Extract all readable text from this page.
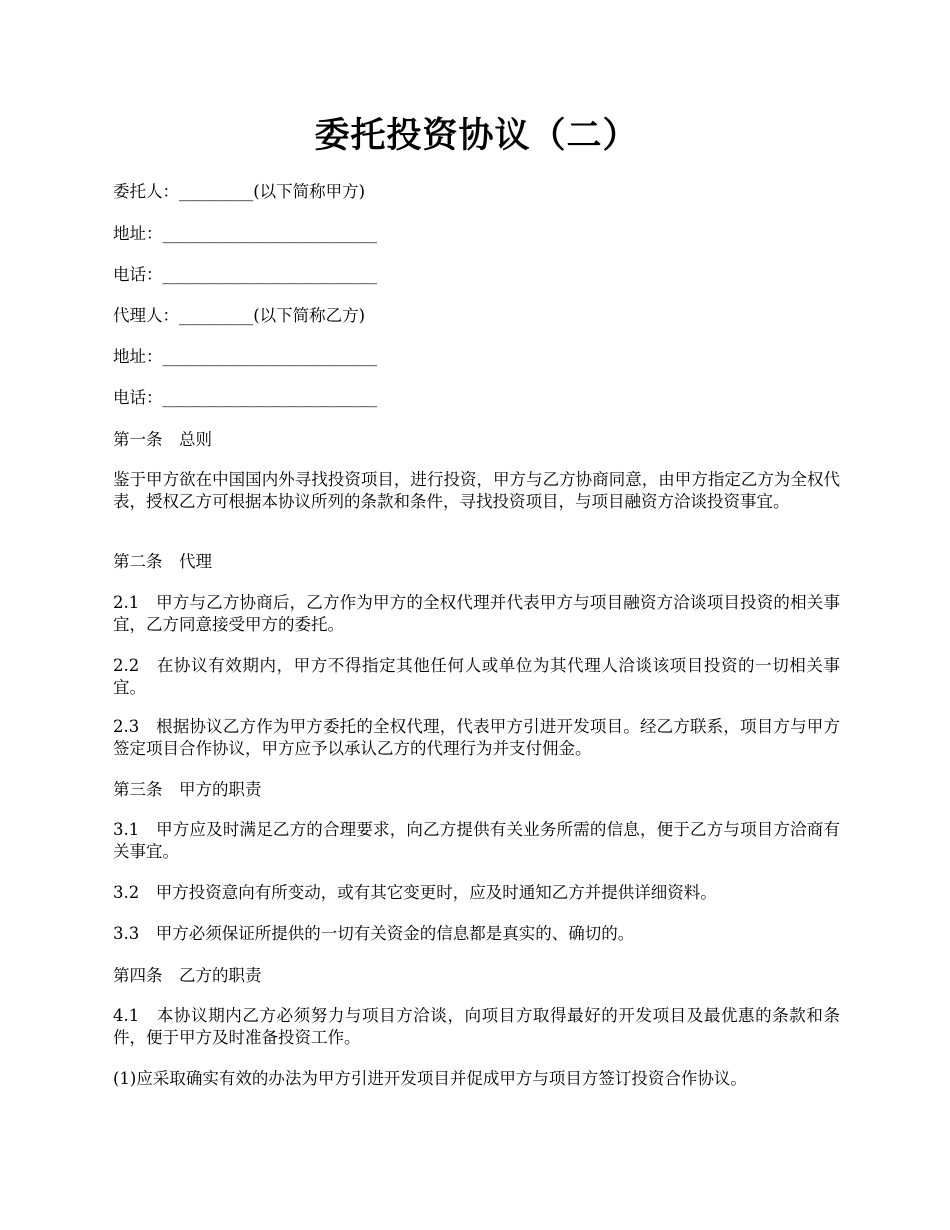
委托投资协议（二）
委托人：_________(以下简称甲方)
地址：__________________________
电话：__________________________
代理人：_________(以下简称乙方)
地址：__________________________
电话：__________________________
第一条　总则
鉴于甲方欲在中国国内外寻找投资项目，进行投资，甲方与乙方协商同意，由甲方指定乙方为全权代表，授权乙方可根据本协议所列的条款和条件，寻找投资项目，与项目融资方洽谈投资事宜。
第二条　代理
2.1　甲方与乙方协商后，乙方作为甲方的全权代理并代表甲方与项目融资方洽谈项目投资的相关事宜，乙方同意接受甲方的委托。
2.2　在协议有效期内，甲方不得指定其他任何人或单位为其代理人洽谈该项目投资的一切相关事宜。
2.3　根据协议乙方作为甲方委托的全权代理，代表甲方引进开发项目。经乙方联系，项目方与甲方签定项目合作协议，甲方应予以承认乙方的代理行为并支付佣金。
第三条　甲方的职责
3.1　甲方应及时满足乙方的合理要求，向乙方提供有关业务所需的信息，便于乙方与项目方洽商有关事宜。
3.2　甲方投资意向有所变动，或有其它变更时，应及时通知乙方并提供详细资料。
3.3　甲方必须保证所提供的一切有关资金的信息都是真实的、确切的。
第四条　乙方的职责
4.1　本协议期内乙方必须努力与项目方洽谈，向项目方取得最好的开发项目及最优惠的条款和条件，便于甲方及时准备投资工作。
(1)应采取确实有效的办法为甲方引进开发项目并促成甲方与项目方签订投资合作协议。
